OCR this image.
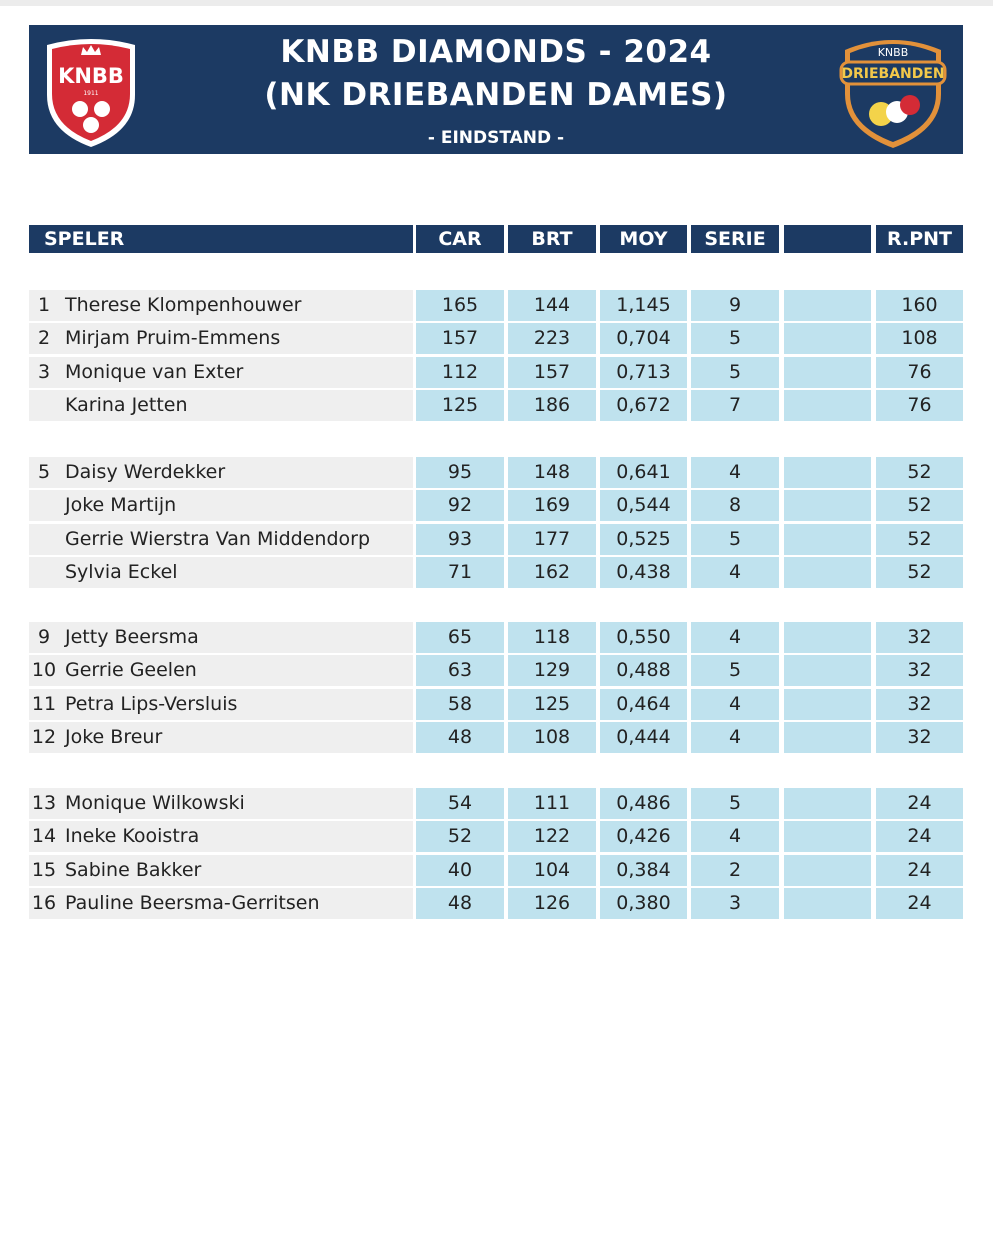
KNBB
1911
KNBB DIAMONDS - 2024
(NK DRIEBANDEN DAMES)
- EINDSTAND -
KNBB
DRIEBANDEN
SPELER	CAR	BRT	MOY	SERIE	R.PNT
1 Therese Klompenhouwer	165	144	1,145	9	160
2 Mirjam Pruim-Emmens	157	223	0,704	5	108
3 Monique van Exter	112	157	0,713	5	76
Karina Jetten	125	186	0,672	7	76
5 Daisy Werdekker	95	148	0,641	4	52
Joke Martijn	92	169	0,544	8	52
Gerrie Wierstra Van Middendorp	93	177	0,525	5	52
Sylvia Eckel	71	162	0,438	4	52
9 Jetty Beersma	65	118	0,550	4	32
10 Gerrie Geelen	63	129	0,488	5	32
11 Petra Lips-Versluis	58	125	0,464	4	32
12 Joke Breur	48	108	0,444	4	32
13 Monique Wilkowski	54	111	0,486	5	24
14 Ineke Kooistra	52	122	0,426	4	24
15 Sabine Bakker	40	104	0,384	2	24
16 Pauline Beersma-Gerritsen	48	126	0,380	3	24
